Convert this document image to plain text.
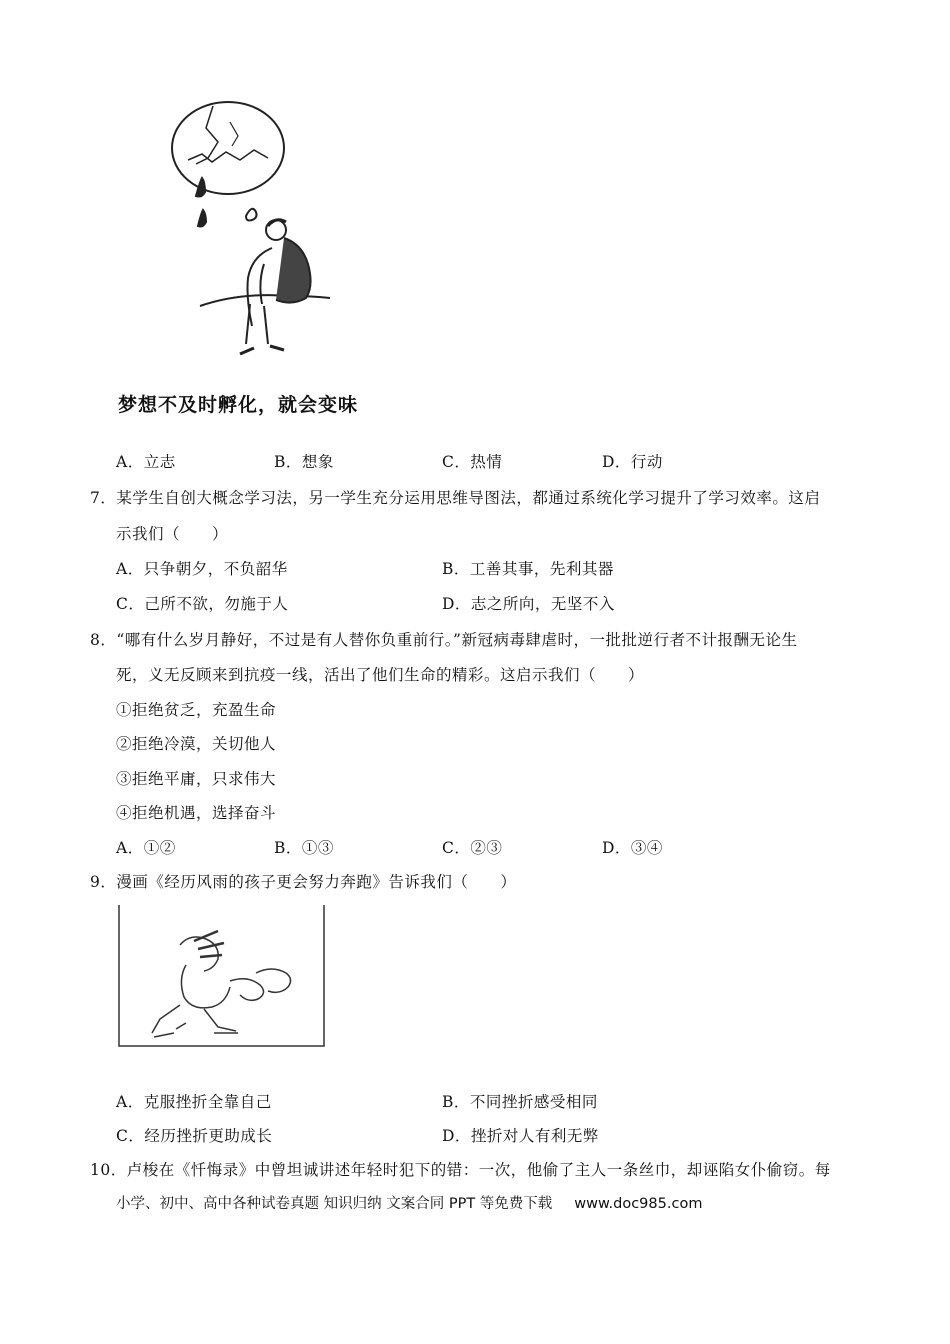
梦想不及时孵化，就会变味
A．立志	B．想象	C．热情	D．行动
7．某学生自创大概念学习法，另一学生充分运用思维导图法，都通过系统化学习提升了学习效率。这启
示我们（　　）
A．只争朝夕，不负韶华	B．工善其事，先利其器
C．己所不欲，勿施于人	D．志之所向，无坚不入
8．“哪有什么岁月静好，不过是有人替你负重前行。”新冠病毒肆虐时，一批批逆行者不计报酬无论生
死，义无反顾来到抗疫一线，活出了他们生命的精彩。这启示我们（　　）
①拒绝贫乏，充盈生命
②拒绝冷漠，关切他人
③拒绝平庸，只求伟大
④拒绝机遇，选择奋斗
A．①②	B．①③	C．②③	D．③④
9．漫画《经历风雨的孩子更会努力奔跑》告诉我们（　　）
A．克服挫折全靠自己	B．不同挫折感受相同
C．经历挫折更助成长	D．挫折对人有利无弊
10．卢梭在《忏悔录》中曾坦诚讲述年轻时犯下的错：一次，他偷了主人一条丝巾，却诬陷女仆偷窃。每
小学、初中、高中各种试卷真题 知识归纳 文案合同 PPT 等免费下载 www.doc985.com
